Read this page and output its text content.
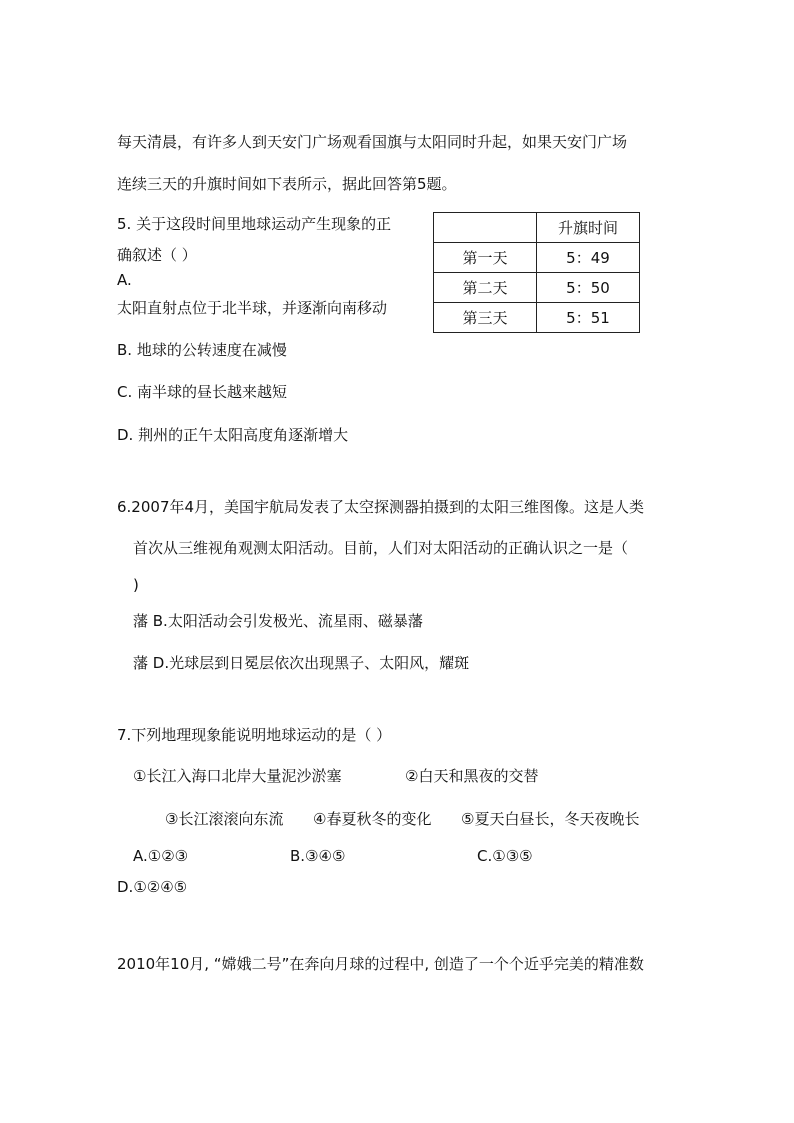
每天清晨，有许多人到天安门广场观看国旗与太阳同时升起，如果天安门广场
连续三天的升旗时间如下表所示，据此回答第5题。
	升旗时间
第一天	5：49
第二天	5：50
第三天	5：51
5. 关于这段时间里地球运动产生现象的正
确叙述（ ）
A.
太阳直射点位于北半球，并逐渐向南移动
B. 地球的公转速度在减慢
C. 南半球的昼长越来越短
D. 荆州的正午太阳高度角逐渐增大
6.2007年4月，美国宇航局发表了太空探测器拍摄到的太阳三维图像。这是人类
首次从三维视角观测太阳活动。目前，人们对太阳活动的正确认识之一是（
)
藩 B.太阳活动会引发极光、流星雨、磁暴藩
藩 D.光球层到日冕层依次出现黑子、太阳风，耀斑
7.下列地理现象能说明地球运动的是（ ）
①长江入海口北岸大量泥沙淤塞	②白天和黑夜的交替
③长江滚滚向东流 ④春夏秋冬的变化 ⑤夏天白昼长，冬天夜晚长
A.①②③	B.③④⑤	C.①③⑤
D.①②④⑤
2010年10月, “嫦娥二号”在奔向月球的过程中, 创造了一个个近乎完美的精准数
